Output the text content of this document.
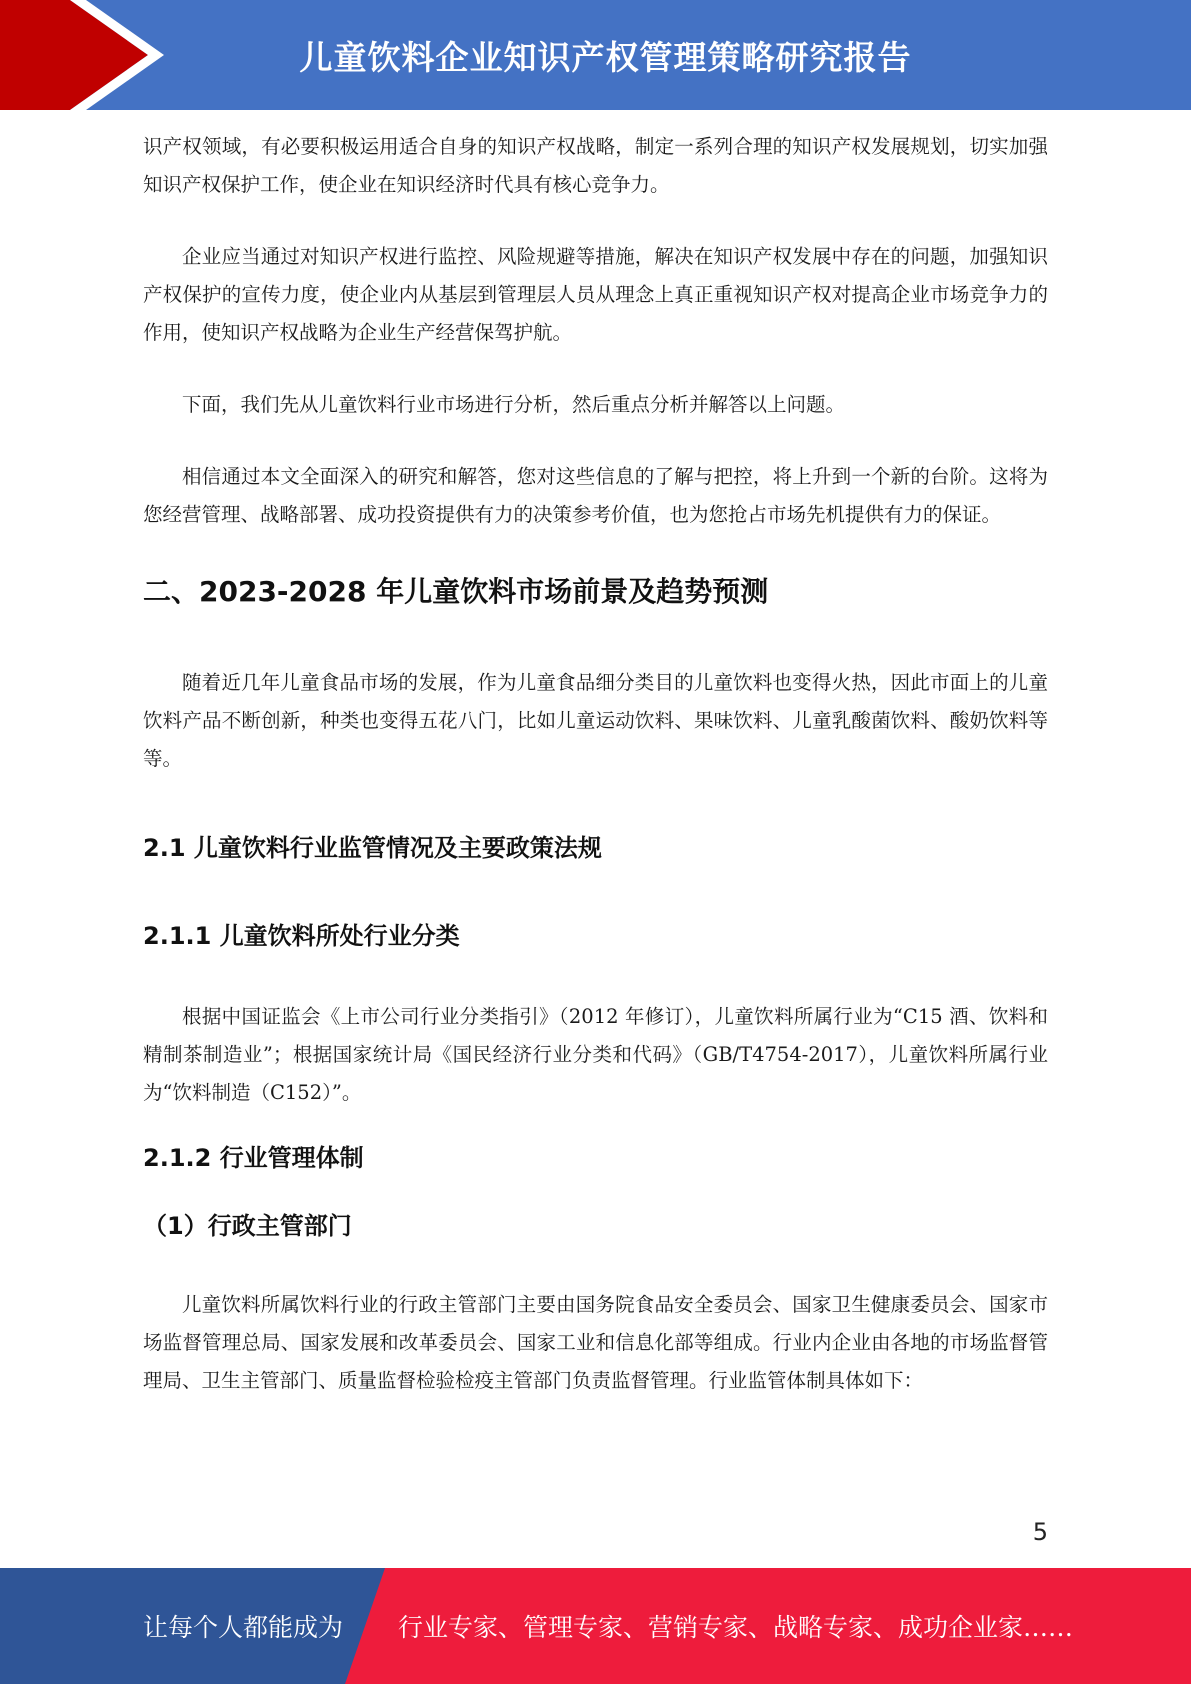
儿童饮料企业知识产权管理策略研究报告

识产权领域，有必要积极运用适合自身的知识产权战略，制定一系列合理的知识产权发展规划，切实加强知识产权保护工作，使企业在知识经济时代具有核心竞争力。

企业应当通过对知识产权进行监控、风险规避等措施，解决在知识产权发展中存在的问题，加强知识产权保护的宣传力度，使企业内从基层到管理层人员从理念上真正重视知识产权对提高企业市场竞争力的作用，使知识产权战略为企业生产经营保驾护航。

下面，我们先从儿童饮料行业市场进行分析，然后重点分析并解答以上问题。

相信通过本文全面深入的研究和解答，您对这些信息的了解与把控，将上升到一个新的台阶。这将为您经营管理、战略部署、成功投资提供有力的决策参考价值，也为您抢占市场先机提供有力的保证。

二、2023-2028 年儿童饮料市场前景及趋势预测

随着近几年儿童食品市场的发展，作为儿童食品细分类目的儿童饮料也变得火热，因此市面上的儿童饮料产品不断创新，种类也变得五花八门，比如儿童运动饮料、果味饮料、儿童乳酸菌饮料、酸奶饮料等等。

2.1 儿童饮料行业监管情况及主要政策法规
2.1.1 儿童饮料所处行业分类

根据中国证监会《上市公司行业分类指引》（2012 年修订），儿童饮料所属行业为“C15 酒、饮料和精制茶制造业”；根据国家统计局《国民经济行业分类和代码》（GB/T4754-2017），儿童饮料所属行业为“饮料制造（C152）”。

2.1.2 行业管理体制
（1）行政主管部门

儿童饮料所属饮料行业的行政主管部门主要由国务院食品安全委员会、国家卫生健康委员会、国家市场监督管理总局、国家发展和改革委员会、国家工业和信息化部等组成。行业内企业由各地的市场监督管理局、卫生主管部门、质量监督检验检疫主管部门负责监督管理。行业监管体制具体如下：

5
让每个人都能成为 行业专家、管理专家、营销专家、战略专家、成功企业家……
